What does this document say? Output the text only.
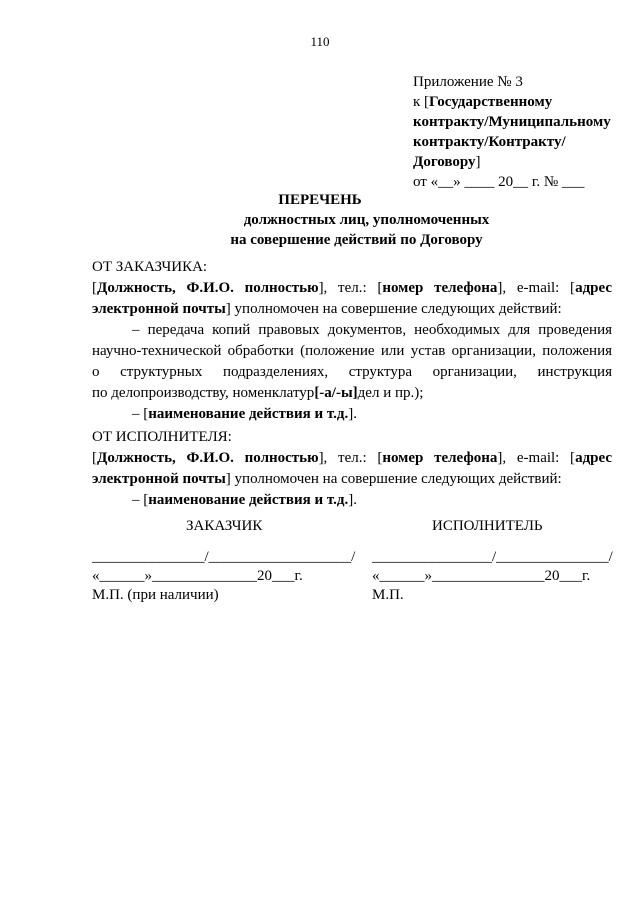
110
Приложение № 3
к [Государственному
контракту/Муниципальному
контракту/Контракту/
Договору]
от «__» ____ 20__ г. № ___
ПЕРЕЧЕНЬ
должностных лиц, уполномоченных
на совершение действий по Договору
ОТ ЗАКАЗЧИКА:
[Должность, Ф.И.О. полностью], тел.: [номер телефона], e-mail: [адрес
электронной почты] уполномочен на совершение следующих действий:
– передача копий правовых документов, необходимых для проведения
научно-технической обработки (положение или устав организации, положения
о структурных подразделениях, структура организации, инструкция
по делопроизводству, номенклатур[-а/-ы]дел и пр.);
– [наименование действия и т.д.].
ОТ ИСПОЛНИТЕЛЯ:
[Должность, Ф.И.О. полностью], тел.: [номер телефона], e-mail: [адрес
электронной почты] уполномочен на совершение следующих действий:
– [наименование действия и т.д.].
ЗАКАЗЧИК	ИСПОЛНИТЕЛЬ
_______________/___________________/
«______»______________20___г.
М.П. (при наличии)
________________/_______________/
«______»_______________20___г.
М.П.
